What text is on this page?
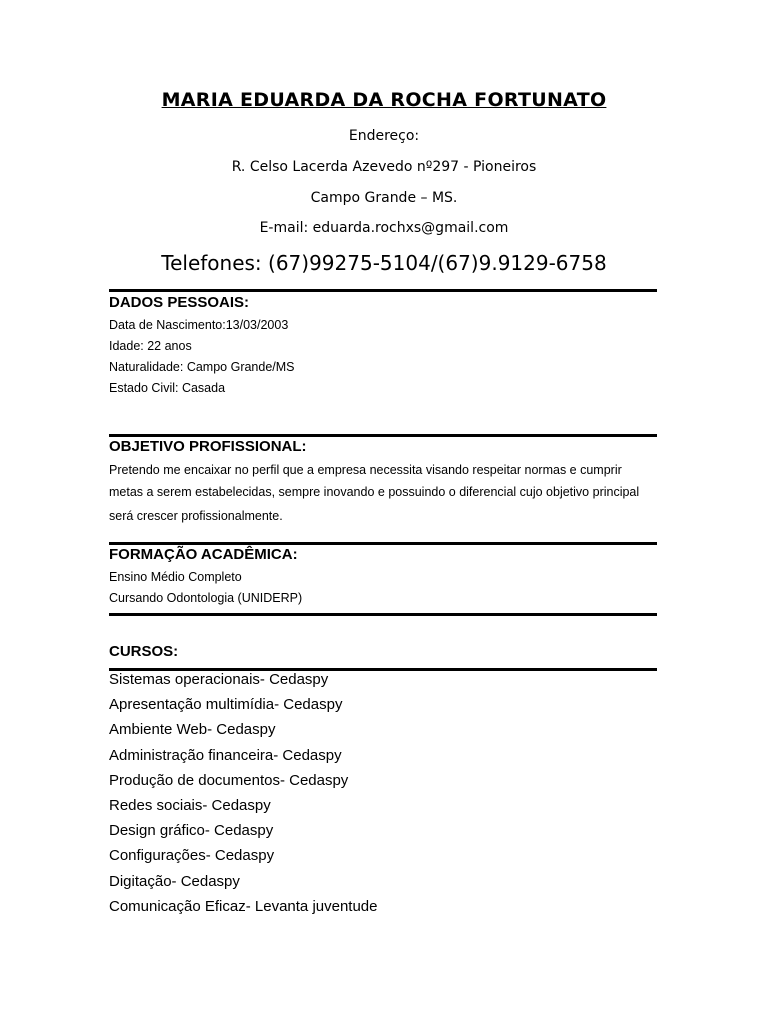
MARIA EDUARDA DA ROCHA FORTUNATO
Endereço:
R. Celso Lacerda Azevedo nº297 - Pioneiros
Campo Grande – MS.
E-mail: eduarda.rochxs@gmail.com
Telefones: (67)99275-5104/(67)9.9129-6758
DADOS PESSOAIS:
Data de Nascimento:13/03/2003
Idade: 22 anos
Naturalidade: Campo Grande/MS
Estado Civil: Casada
OBJETIVO PROFISSIONAL:
Pretendo me encaixar no perfil que a empresa necessita visando respeitar normas e cumprir
metas a serem estabelecidas, sempre inovando e possuindo o diferencial cujo objetivo principal
será crescer profissionalmente.
FORMAÇÃO ACADÊMICA:
Ensino Médio Completo
Cursando Odontologia (UNIDERP)
CURSOS:
Sistemas operacionais- Cedaspy
Apresentação multimídia- Cedaspy
Ambiente Web- Cedaspy
Administração financeira- Cedaspy
Produção de documentos- Cedaspy
Redes sociais- Cedaspy
Design gráfico- Cedaspy
Configurações- Cedaspy
Digitação- Cedaspy
Comunicação Eficaz- Levanta juventude
